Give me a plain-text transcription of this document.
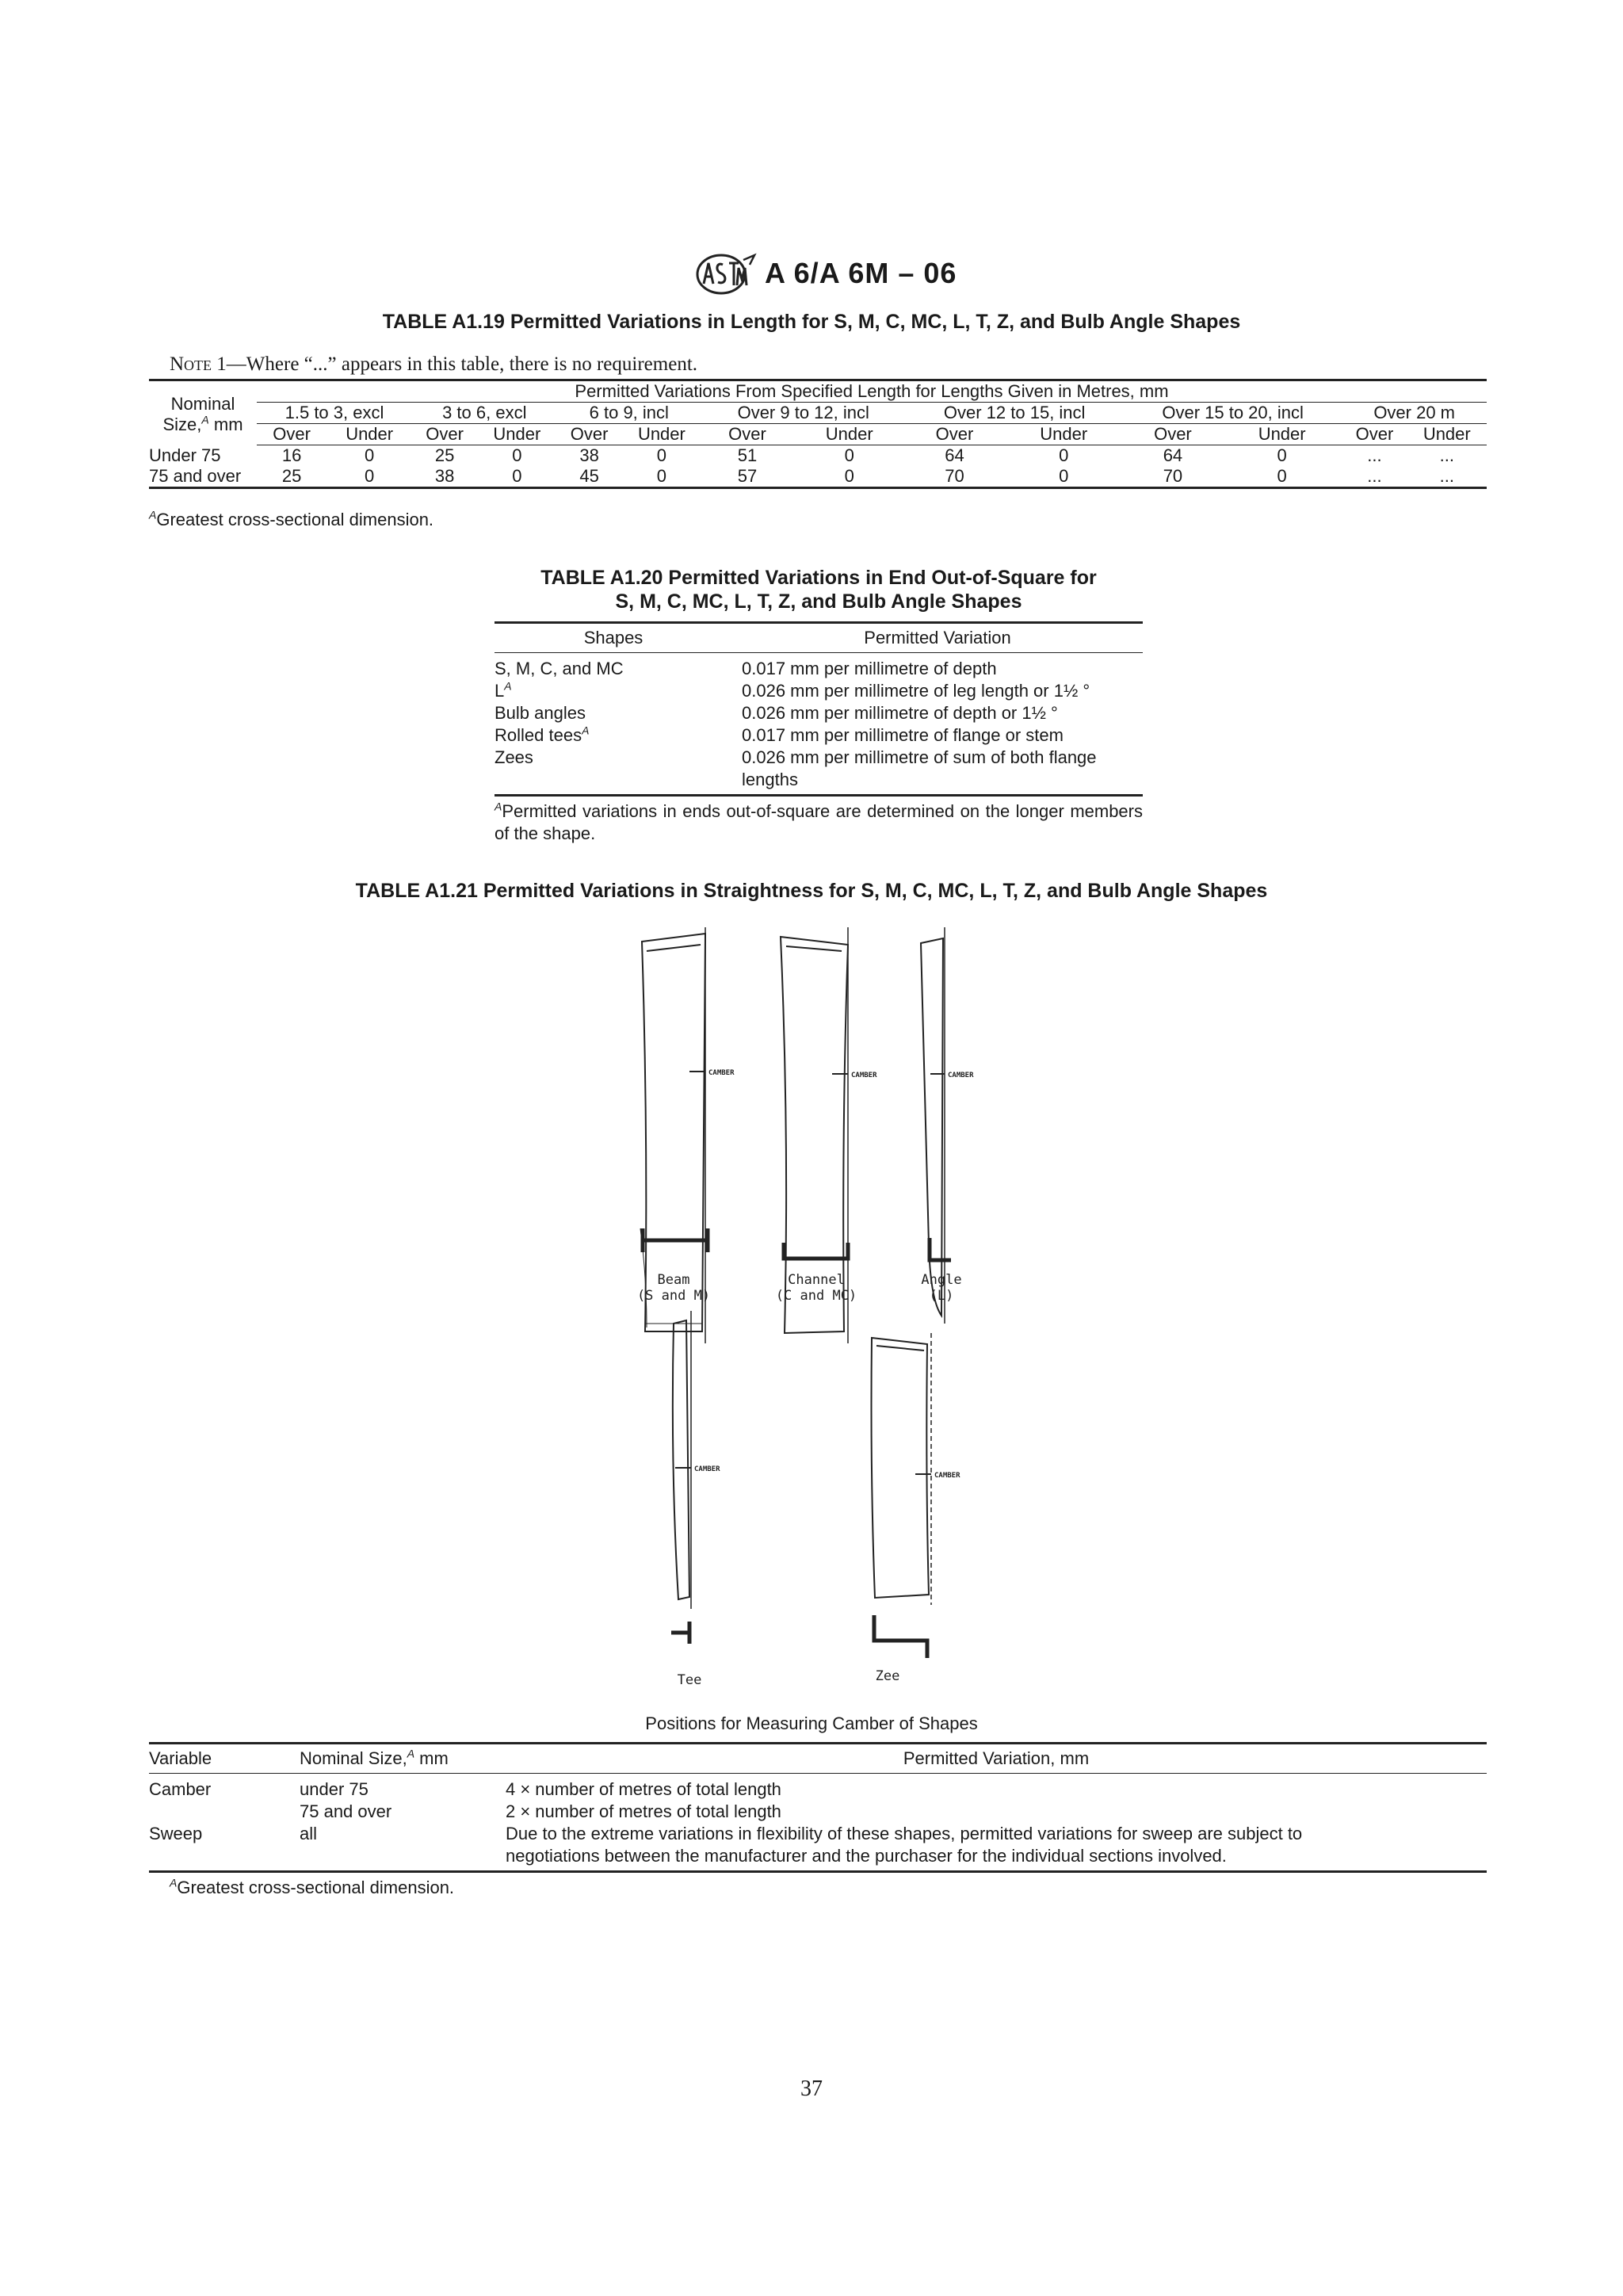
A 6/A 6M – 06
TABLE A1.19 Permitted Variations in Length for S, M, C, MC, L, T, Z, and Bulb Angle Shapes
Note 1—Where “...” appears in this table, there is no requirement.
Nominal
Size,$^A$ mm	Permitted Variations From Specified Length for Lengths Given in Metres, mm													
	1.5 to 3, excl		3 to 6, excl		6 to 9, incl		Over 9 to 12, incl		Over 12 to 15, incl		Over 15 to 20, incl		Over 20 m	
	Over	Under	Over	Under	Over	Under	Over	Under	Over	Under	Over	Under	Over	Under
Under 75	16	0	25	0	38	0	51	0	64	0	64	0	...	...
75 and over	25	0	38	0	45	0	57	0	70	0	70	0	...	...
$^A$Greatest cross-sectional dimension.
TABLE A1.20 Permitted Variations in End Out-of-Square for
S, M, C, MC, L, T, Z, and Bulb Angle Shapes
Shapes	Permitted Variation
S, M, C, and MC	0.017 mm per millimetre of depth
$L^A$	0.026 mm per millimetre of leg length or 1½ °
Bulb angles	0.026 mm per millimetre of depth or 1½ °
Rolled tees$^A$	0.017 mm per millimetre of flange or stem
Zees	0.026 mm per millimetre of sum of both flange lengths
$^A$Permitted variations in ends out-of-square are determined on the longer members of the shape.
TABLE A1.21 Permitted Variations in Straightness for S, M, C, MC, L, T, Z, and Bulb Angle Shapes
CAMBER	CAMBER	CAMBER
CAMBER
CAMBER
Beam
(S and M)
Channel
(C and MC)
Angle
(L)
Tee	Zee
Positions for Measuring Camber of Shapes
Variable	Nominal Size,$^A$ mm	Permitted Variation, mm
Camber	under 75	4 × number of metres of total length
	75 and over	2 × number of metres of total length
Sweep	all	Due to the extreme variations in flexibility of these shapes, permitted variations for sweep are subject to negotiations between the manufacturer and the purchaser for the individual sections involved.
$^A$Greatest cross-sectional dimension.
37
